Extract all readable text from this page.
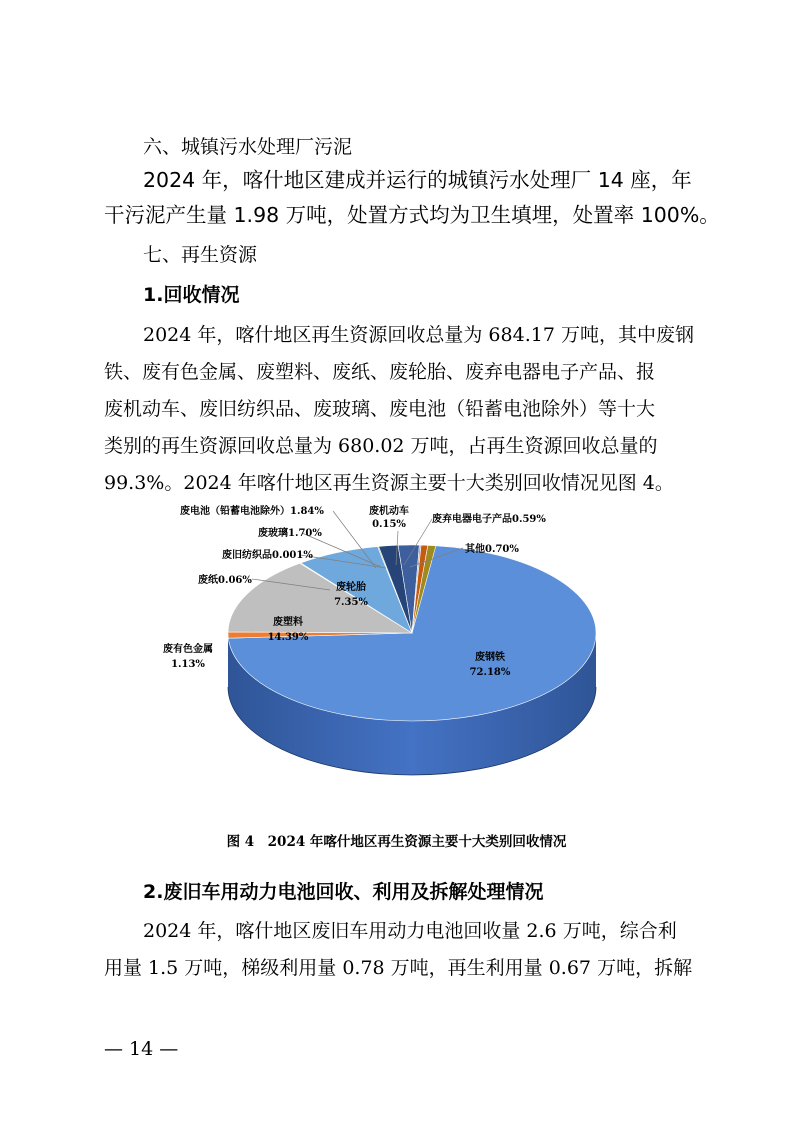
六、城镇污水处理厂污泥
2024 年，喀什地区建成并运行的城镇污水处理厂 14 座，年
干污泥产生量 1.98 万吨，处置方式均为卫生填埋，处置率 100%。
七、再生资源
1.回收情况
2024 年，喀什地区再生资源回收总量为 684.17 万吨，其中废钢
铁、废有色金属、废塑料、废纸、废轮胎、废弃电器电子产品、报
废机动车、废旧纺织品、废玻璃、废电池（铅蓄电池除外）等十大
类别的再生资源回收总量为 680.02 万吨，占再生资源回收总量的
99.3%。2024 年喀什地区再生资源主要十大类别回收情况见图 4。
废钢铁
72.18%
废有色金属
1.13%
废塑料
14.39%
废纸0.06%
废轮胎
7.35%
废旧纺织品0.001%
废玻璃1.70%
废电池（铅蓄电池除外）1.84%	废机动车
0.15%	废弃电器电子产品0.59%
其他0.70%
图 4　2024 年喀什地区再生资源主要十大类别回收情况
2.废旧车用动力电池回收、利用及拆解处理情况
2024 年，喀什地区废旧车用动力电池回收量 2.6 万吨，综合利
用量 1.5 万吨，梯级利用量 0.78 万吨，再生利用量 0.67 万吨，拆解
— 14 —
